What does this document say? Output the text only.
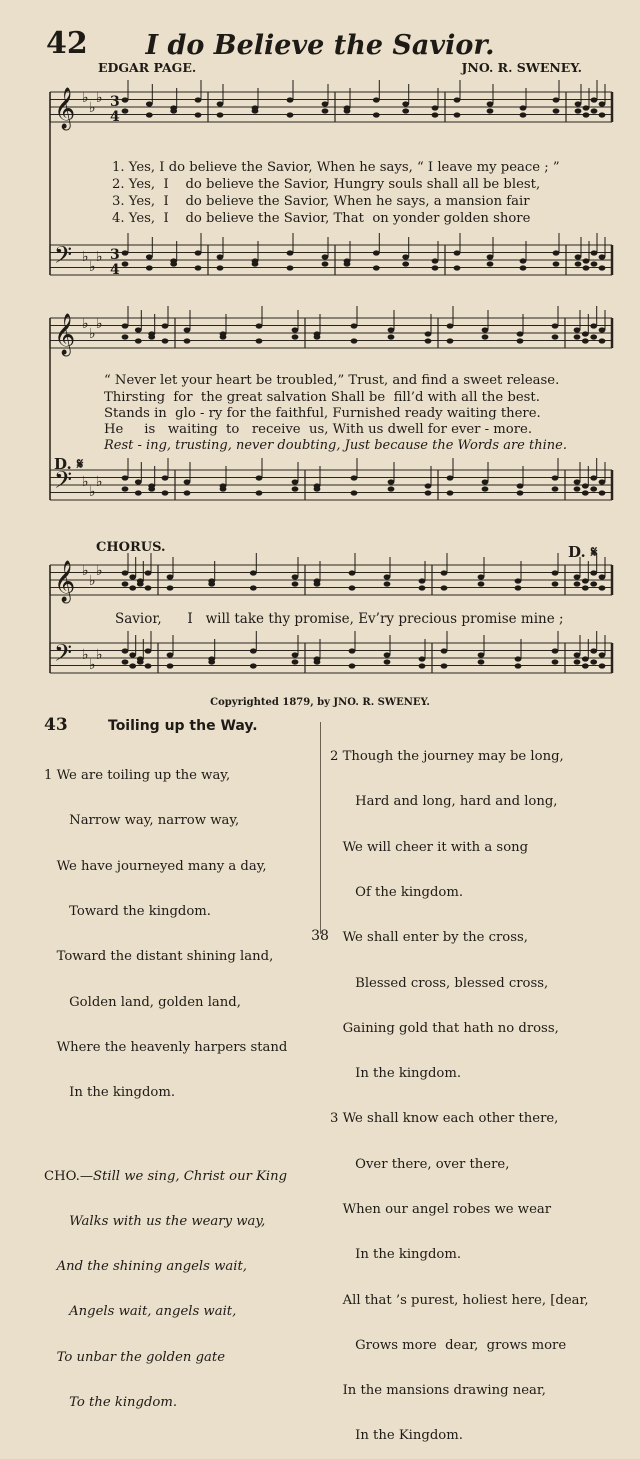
42	I do Believe the Savior.
EDGAR PAGE.	JNO. R. SWENEY.
𝄞 ♭
♭
♭
𝄢 ♭
♭
♭
𝄞 ♭
♭
♭
𝄢 ♭
♭
♭
𝄞 ♭
♭
♭
𝄢 ♭
♭
♭
3
4
3
4
1. Yes, I do believe the Savior, When he says, “ I leave my peace ; ”
2. Yes,  I    do believe the Savior, Hungry souls shall all be blest,
3. Yes,  I    do believe the Savior, When he says, a mansion fair
4. Yes,  I    do believe the Savior, That  on yonder golden shore
“ Never let your heart be troubled,” Trust, and find a sweet release.
Thirsting  for  the great salvation Shall be  fill’d with all the best.
Stands in  glo - ry for the faithful, Furnished ready waiting there.
He     is   waiting  to   receive  us, With us dwell for ever - more.
Rest - ing, trusting, never doubting, Just because the Words are thine.
D. 𝄋
CHORUS.	D. 𝄋
Savior,      I   will take thy promise, Ev’ry precious promise mine ;
Copyrighted 1879, by JNO. R. SWENEY.
43	Toiling up the Way.

1 We are toiling up the way,

Narrow way, narrow way,

We have journeyed many a day,

Toward the kingdom.

Toward the distant shining land,

Golden land, golden land,

Where the heavenly harpers stand

In the kingdom.

CHO.—Still we sing, Christ our King

Walks with us the weary way,

And the shining angels wait,

Angels wait, angels wait,

To unbar the golden gate

To the kingdom.

2 Though the journey may be long,

Hard and long, hard and long,

We will cheer it with a song

Of the kingdom.

We shall enter by the cross,

Blessed cross, blessed cross,

Gaining gold that hath no dross,

In the kingdom.

3 We shall know each other there,

Over there, over there,

When our angel robes we wear

In the kingdom.

All that ’s purest, holiest here, [dear,

Grows more  dear,  grows more

In the mansions drawing near,

In the Kingdom.

38
